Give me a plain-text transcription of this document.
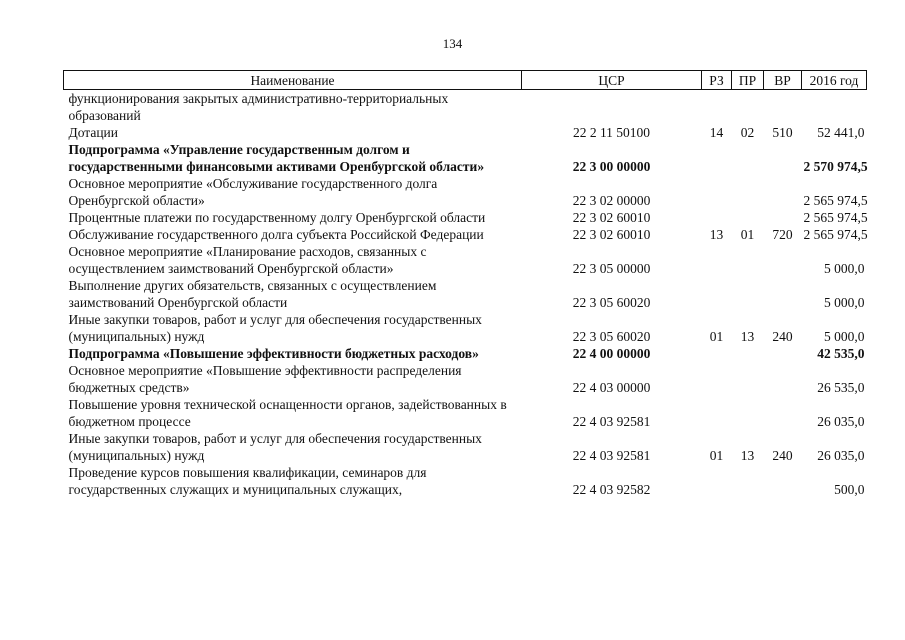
134
Наименование	ЦСР	РЗ	ПР	ВР	2016 год
функционирования закрытых административно-территориальных образований					
Дотации	22 2 11 50100	14	02	510	52 441,0
Подпрограмма «Управление государственным долгом и государственными финансовыми активами Оренбургской области»	22 3 00 00000				2 570 974,5
Основное мероприятие «Обслуживание государственного долга Оренбургской области»	22 3 02 00000				2 565 974,5
Процентные платежи по государственному долгу Оренбургской области	22 3 02 60010				2 565 974,5
Обслуживание государственного долга субъекта Российской Федерации	22 3 02 60010	13	01	720	2 565 974,5
Основное мероприятие «Планирование расходов, связанных с осуществлением заимствований Оренбургской области»	22 3 05 00000				5 000,0
Выполнение других обязательств, связанных с осуществлением заимствований Оренбургской области	22 3 05 60020				5 000,0
Иные закупки товаров, работ и услуг для обеспечения государственных (муниципальных) нужд	22 3 05 60020	01	13	240	5 000,0
Подпрограмма «Повышение эффективности бюджетных расходов»	22 4 00 00000				42 535,0
Основное мероприятие «Повышение эффективности распределения бюджетных средств»	22 4 03 00000				26 535,0
Повышение уровня технической оснащенности органов, задействованных в бюджетном процессе	22 4 03 92581				26 035,0
Иные закупки товаров, работ и услуг для обеспечения государственных (муниципальных) нужд	22 4 03 92581	01	13	240	26 035,0
Проведение курсов повышения квалификации, семинаров для государственных служащих и муниципальных служащих,	22 4 03 92582				500,0
